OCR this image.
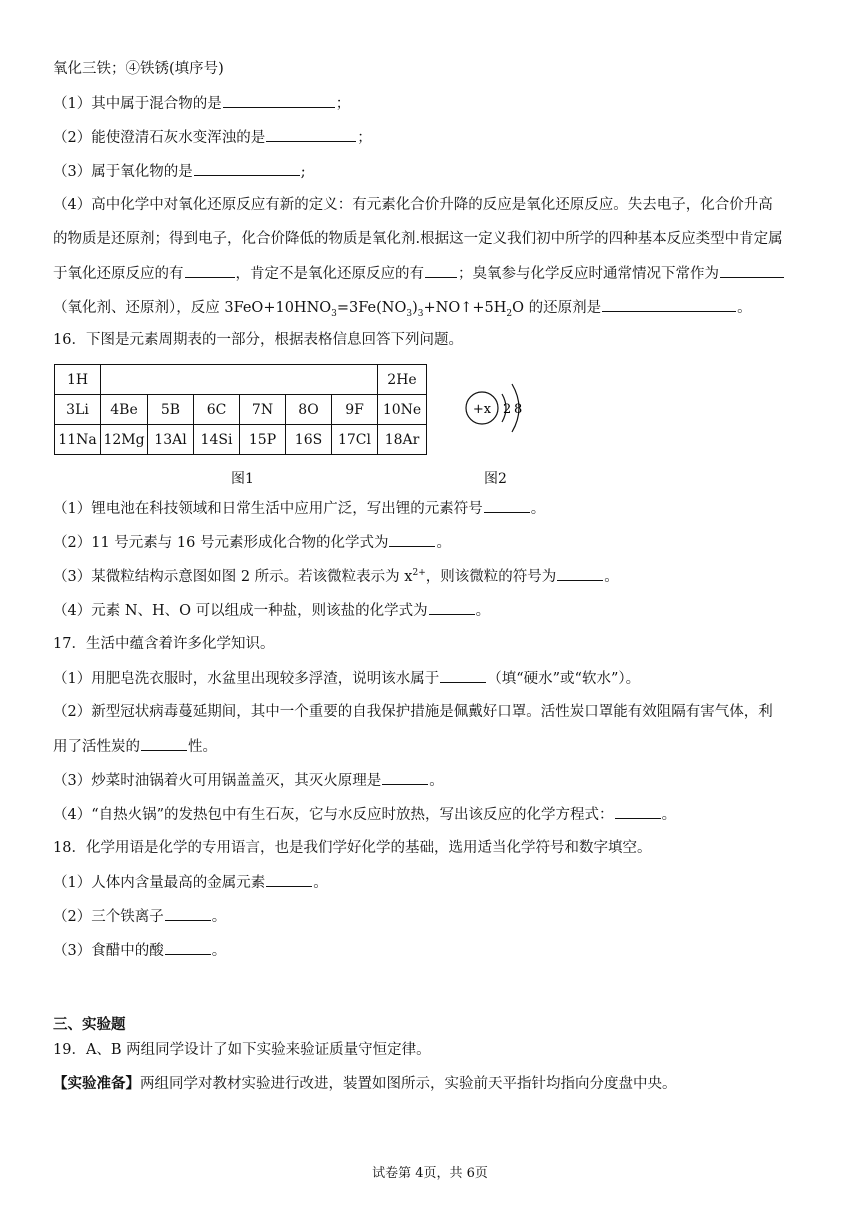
氧化三铁；④铁锈(填序号)
（1）其中属于混合物的是	；
（2）能使澄清石灰水变浑浊的是	；
（3）属于氧化物的是	;
（4）高中化学中对氧化还原反应有新的定义：有元素化合价升降的反应是氧化还原反应。失去电子，化合价升高
的物质是还原剂；得到电子，化合价降低的物质是氧化剂.根据这一定义我们初中所学的四种基本反应类型中肯定属
于氧化还原反应的有	，肯定不是氧化还原反应的有 ；臭氧参与化学反应时通常情况下常作为
（氧化剂、还原剂），反应 $3FeO+10HNO_3=3Fe(NO_3)_3+NO↑+5H_2O$ 的还原剂是	。
16．下图是元素周期表的一部分，根据表格信息回答下列问题。
1H							2He
3Li	4Be	5B	6C	7N	8O	9F	10Ne
11Na	12Mg	13Al	14Si	15P	16S	17Cl	18Ar
+x 2 8
图1	图2
（1）锂电池在科技领域和日常生活中应用广泛，写出锂的元素符号	。
（2）11 号元素与 16 号元素形成化合物的化学式为	。
（3）某微粒结构示意图如图 2 所示。若该微粒表示为 $x^{2+}$，则该微粒的符号为	。
（4）元素 N、H、O 可以组成一种盐，则该盐的化学式为	。
17．生活中蕴含着许多化学知识。
（1）用肥皂洗衣服时，水盆里出现较多浮渣，说明该水属于	（填“硬水”或“软水”）。
（2）新型冠状病毒蔓延期间，其中一个重要的自我保护措施是佩戴好口罩。活性炭口罩能有效阻隔有害气体，利
用了活性炭的	性。
（3）炒菜时油锅着火可用锅盖盖灭，其灭火原理是	。
（4）“自热火锅”的发热包中有生石灰，它与水反应时放热，写出该反应的化学方程式：	。
18．化学用语是化学的专用语言，也是我们学好化学的基础，选用适当化学符号和数字填空。
（1）人体内含量最高的金属元素	。
（2）三个铁离子	。
（3）食醋中的酸	。
三、实验题
19．A、B 两组同学设计了如下实验来验证质量守恒定律。
【实验准备】两组同学对教材实验进行改进，装置如图所示，实验前天平指针均指向分度盘中央。
试卷第 4页，共 6页
